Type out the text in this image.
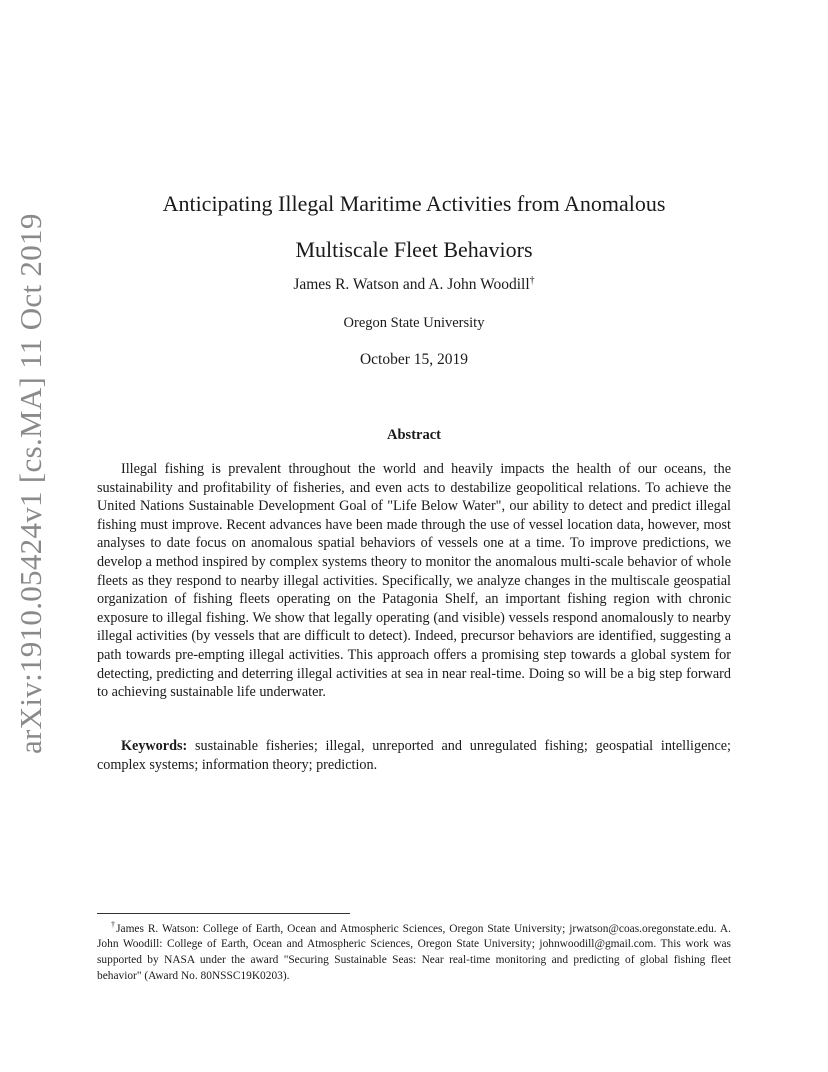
arXiv:1910.05424v1 [cs.MA] 11 Oct 2019
Anticipating Illegal Maritime Activities from Anomalous
Multiscale Fleet Behaviors
James R. Watson and A. John Woodill†
Oregon State University
October 15, 2019
Abstract

Illegal fishing is prevalent throughout the world and heavily impacts the health of our oceans, the sustainability and profitability of fisheries, and even acts to destabilize geopolitical relations. To achieve the United Nations Sustainable Development Goal of "Life Below Water", our ability to detect and predict illegal fishing must improve. Recent advances have been made through the use of vessel location data, however, most analyses to date focus on anomalous spatial behaviors of vessels one at a time. To improve predictions, we develop a method inspired by complex systems theory to monitor the anomalous multi-scale behavior of whole fleets as they respond to nearby illegal activities. Specifically, we analyze changes in the multiscale geospatial organization of fishing fleets operating on the Patagonia Shelf, an important fishing region with chronic exposure to illegal fishing. We show that legally operating (and visible) vessels respond anomalously to nearby illegal activities (by vessels that are difficult to detect). Indeed, precursor behaviors are identified, suggesting a path towards pre-empting illegal activities. This approach offers a promising step towards a global system for detecting, predicting and deterring illegal activities at sea in near real-time. Doing so will be a big step forward to achieving sustainable life underwater.

Keywords: sustainable fisheries; illegal, unreported and unregulated fishing; geospatial intelligence; complex systems; information theory; prediction.

†James R. Watson: College of Earth, Ocean and Atmospheric Sciences, Oregon State University; jrwatson@coas.oregonstate.edu. A. John Woodill: College of Earth, Ocean and Atmospheric Sciences, Oregon State University; johnwoodill@gmail.com. This work was supported by NASA under the award "Securing Sustainable Seas: Near real-time monitoring and predicting of global fishing fleet behavior" (Award No. 80NSSC19K0203).
